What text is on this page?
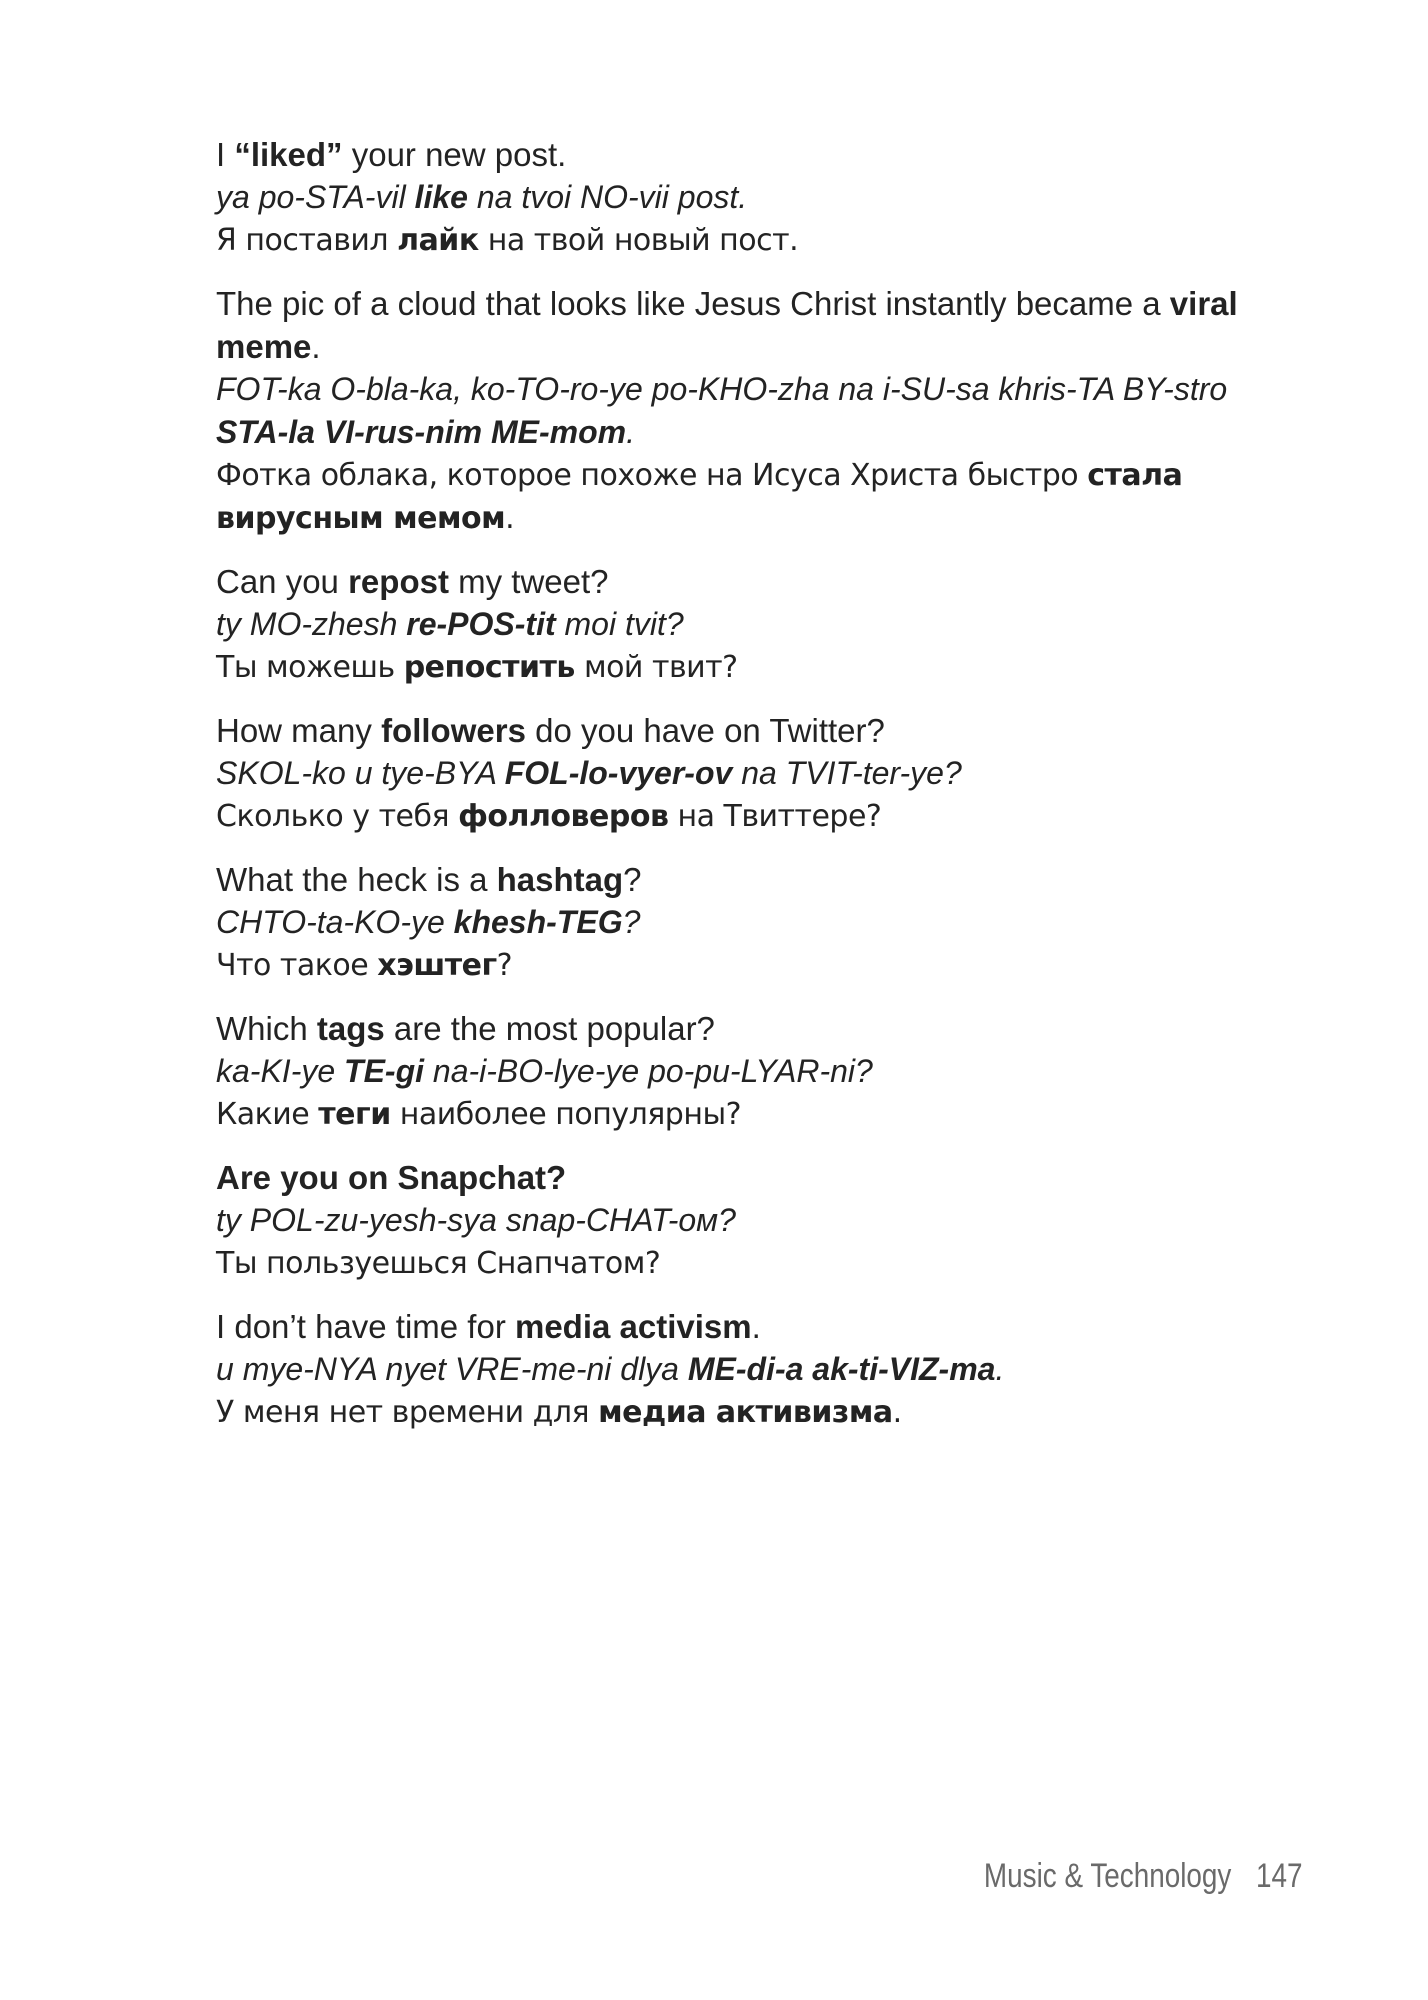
I “liked” your new post.
ya po-STA-vil like na tvoi NO-vii post.
Я поставил лайк на твой новый пост.
The pic of a cloud that looks like Jesus Christ instantly became a viral meme.
FOT-ka O-bla-ka, ko-TO-ro-ye po-KHO-zha na i-SU-sa khris-TA BY-stro STA-la VI-rus-nim ME-mom.
Фотка облака, которое похоже на Исуса Христа быстро стала вирусным мемом.
Can you repost my tweet?
ty MO-zhesh re-POS-tit moi tvit?
Ты можешь репостить мой твит?
How many followers do you have on Twitter?
SKOL-ko u tye-BYA FOL-lo-vyer-ov na TVIT-ter-ye?
Сколько у тебя фолловеров на Твиттере?
What the heck is a hashtag?
CHTO-ta-KO-ye khesh-TEG?
Что такое хэштег?
Which tags are the most popular?
ka-KI-ye TE-gi na-i-BO-lye-ye po-pu-LYAR-ni?
Какие теги наиболее популярны?
Are you on Snapchat?
ty POL-zu-yesh-sya snap-CHAT-ом?
Ты пользуешься Снапчатом?
I don’t have time for media activism.
u mye-NYA nyet VRE-me-ni dlya ME-di-a ak-ti-VIZ-ma.
У меня нет времени для медиа активизма.
Music & Technology 147
